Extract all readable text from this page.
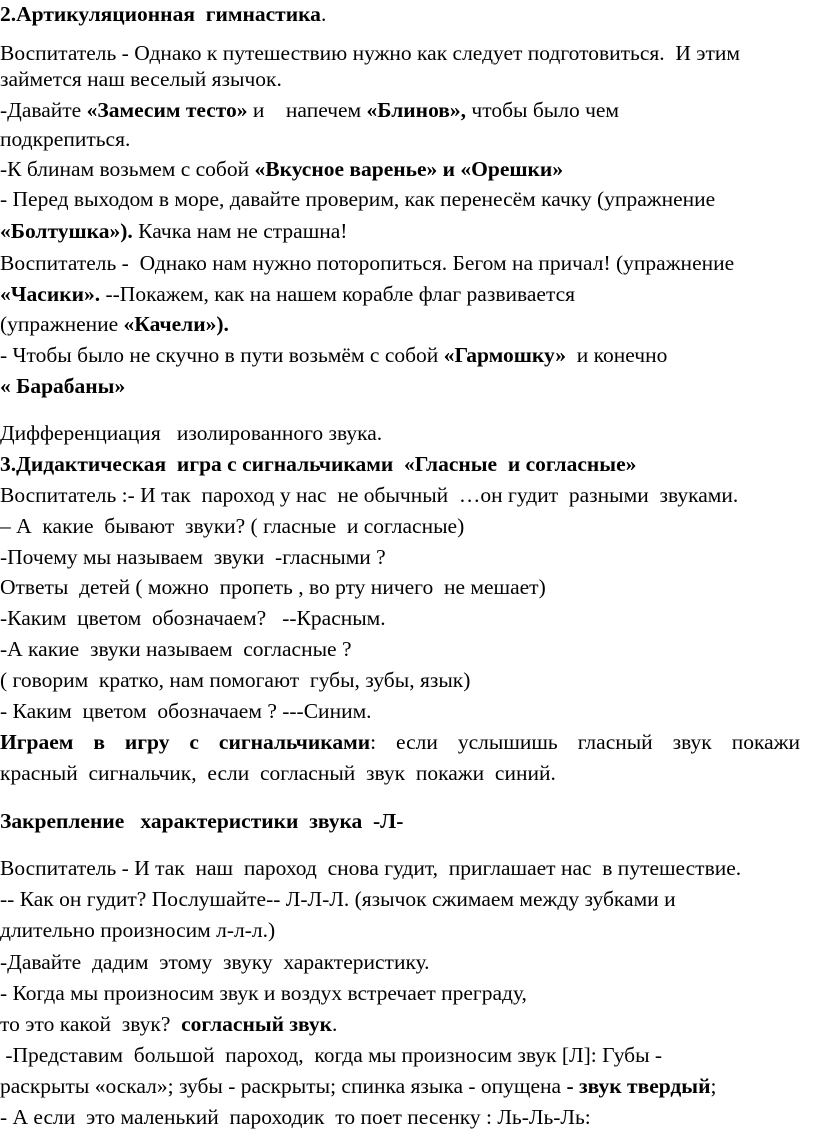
2.Артикуляционная  гимнастика.
Воспитатель - Однако к путешествию нужно как следует подготовиться.  И этим
займется наш веселый язычок.
-Давайте «Замесим тесто» и    напечем «Блинов», чтобы было чем
подкрепиться.
-К блинам возьмем с собой «Вкусное варенье» и «Орешки»
- Перед выходом в море, давайте проверим, как перенесём качку (упражнение
«Болтушка»). Качка нам не страшна!
Воспитатель -  Однако нам нужно поторопиться. Бегом на причал! (упражнение
«Часики». --Покажем, как на нашем корабле флаг развивается
(упражнение «Качели»).
- Чтобы было не скучно в пути возьмём с собой «Гармошку»  и конечно
« Барабаны»
Дифференциация   изолированного звука.
3.Дидактическая  игра с сигнальчиками  «Гласные  и согласные»
Воспитатель :- И так  пароход у нас  не обычный  …он гудит  разными  звуками.
– А  какие  бывают  звуки? ( гласные  и согласные)
-Почему мы называем  звуки  -гласными ?
Ответы  детей ( можно  пропеть , во рту ничего  не мешает)
-Каким  цветом  обозначаем?   --Красным.
-А какие  звуки называем  согласные ?
( говорим  кратко, нам помогают  губы, зубы, язык)
- Каким  цветом  обозначаем ? ---Синим.
Играем в игру с сигнальчиками: если услышишь гласный звук покажи
красный  сигнальчик,  если  согласный  звук  покажи  синий.
Закрепление   характеристики  звука  -Л-
Воспитатель - И так  наш  пароход  снова гудит,  приглашает нас  в путешествие.
-- Как он гудит? Послушайте-- Л-Л-Л. (язычок сжимаем между зубками и
длительно произносим л-л-л.)
-Давайте  дадим  этому  звуку  характеристику.
- Когда мы произносим звук и воздух встречает преграду,
то это какой  звук?  согласный звук.
-Представим  большой  пароход,  когда мы произносим звук [Л]: Губы -
раскрыты «оскал»; зубы - раскрыты; спинка языка - опущена - звук твердый;
- А если  это маленький  пароходик  то поет песенку : Ль-Ль-Ль:
